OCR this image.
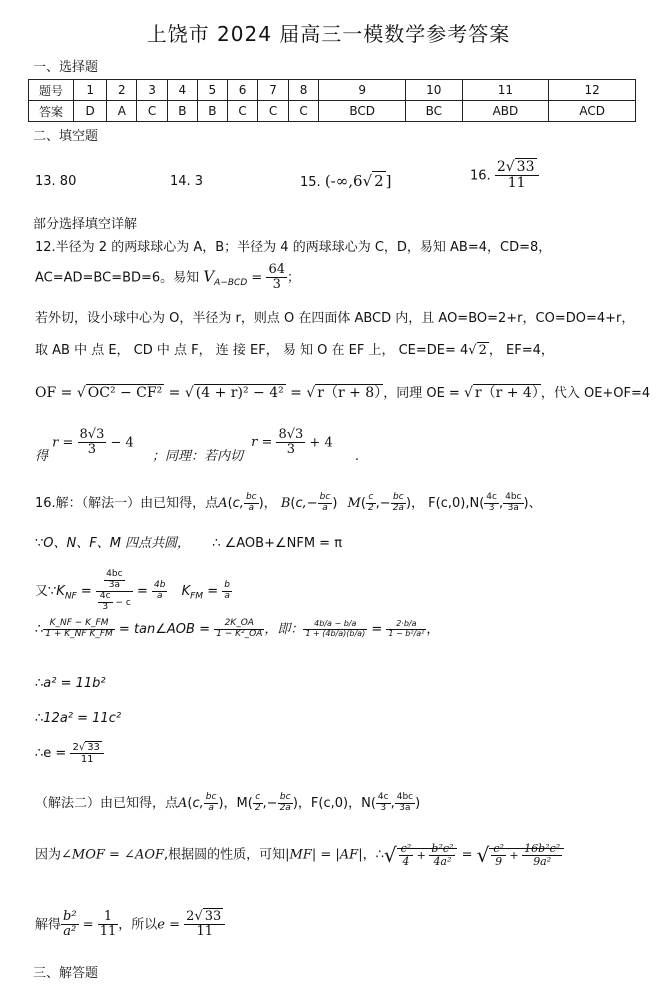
上饶市 2024 届高三一模数学参考答案
一、选择题
题号	1	2	3	4	5	6	7	8	9	10	11	12
答案	D	A	C	B	B	C	C	C	BCD	BC	ABD	ACD
二、填空题
13. 80	14. 3	15. (-∞,6√ 2 ]	16. $\frac{2√ 33}{11}$
部分选择填空详解
12.半径为 2 的两球球心为 A，B；半径为 4 的两球球心为 C，D，易知 AB=4，CD=8，
AC=AD=BC=BD=6。易知 $V_{A-BCD} = \frac{64}{3}$ ；
若外切，设小球中心为 O，半径为 r，则点 O 在四面体 ABCD 内，且 AO=BO=2+r，CO=DO=4+r，
取 AB 中 点 E， CD 中 点 F， 连 接 EF， 易 知 O 在 EF 上， CE=DE= 4√ 2 ， EF=4，
OF = √ OC² − CF² = √ (4 + r)² − 4² = √ r（r + 8） ，同理 OE = √ r（r + 4） ，代入 OE+OF=4
得 $r = \frac{8√3}{3} - 4$ ；同理：若内切 $r = \frac{8√3}{3} + 4$ .
16.解：（解法一）由已知得，点A(c, $\frac{bc}{a}$ )， $B(c,- \frac{bc}{a}$ ) $M( \frac{c}{2}$ ,− $\frac{bc}{2a}$ )， $F(c,0),N( \frac{4c}{3}$ , $\frac{4bc}{3a}$ )、
∵O、N、F、M 四点共圆， ∴ ∠AOB+∠NFM = π
又$\because K_{NF} = \frac{\frac{4bc}{3a}}{\frac{4c}{3} - c} = \frac{4b}{a} K_{FM} = \frac{b}{a}$
∴ $\frac{K\_NF - K\_FM}{\text{1 + K\_NF K\_FM}}$ = tan∠AOB = $\frac{2K\_OA}{\text{1 − K²\_OA}}$ ，即： $\frac{4b/a - b/a}{1 + (4b/a)(b/a)} = \frac{2\cdot b/a}{\text{1 − b²/a²}}$ ，
∴a² = 11b²
∴12a² = 11c²
∴e = $\frac{2√ 33}{11}$
（解法二）由已知得，点A(c, $\frac{bc}{a}$ )，$M( \frac{c}{2}$ ,− $\frac{bc}{2a}$ )，F(c,0)，$N( \frac{4c}{3}$ , $\frac{4bc}{3a}$ )
因为∠MOF = ∠AOF,根据圆的性质，可知|MF| = |AF|，∴√ $\frac{\text{c²}}{4} + \frac{\text{b²c²}}{\text{4a²}}$ = √ $\frac{\text{c²}}{9} + \frac{\text{16b²c²}}{\text{9a²}}$
解得 $\frac{\text{b²}}{\text{a²}} = \frac{1}{11}$ ，所以$e = \frac{2√ 33}{11}$
三、解答题
